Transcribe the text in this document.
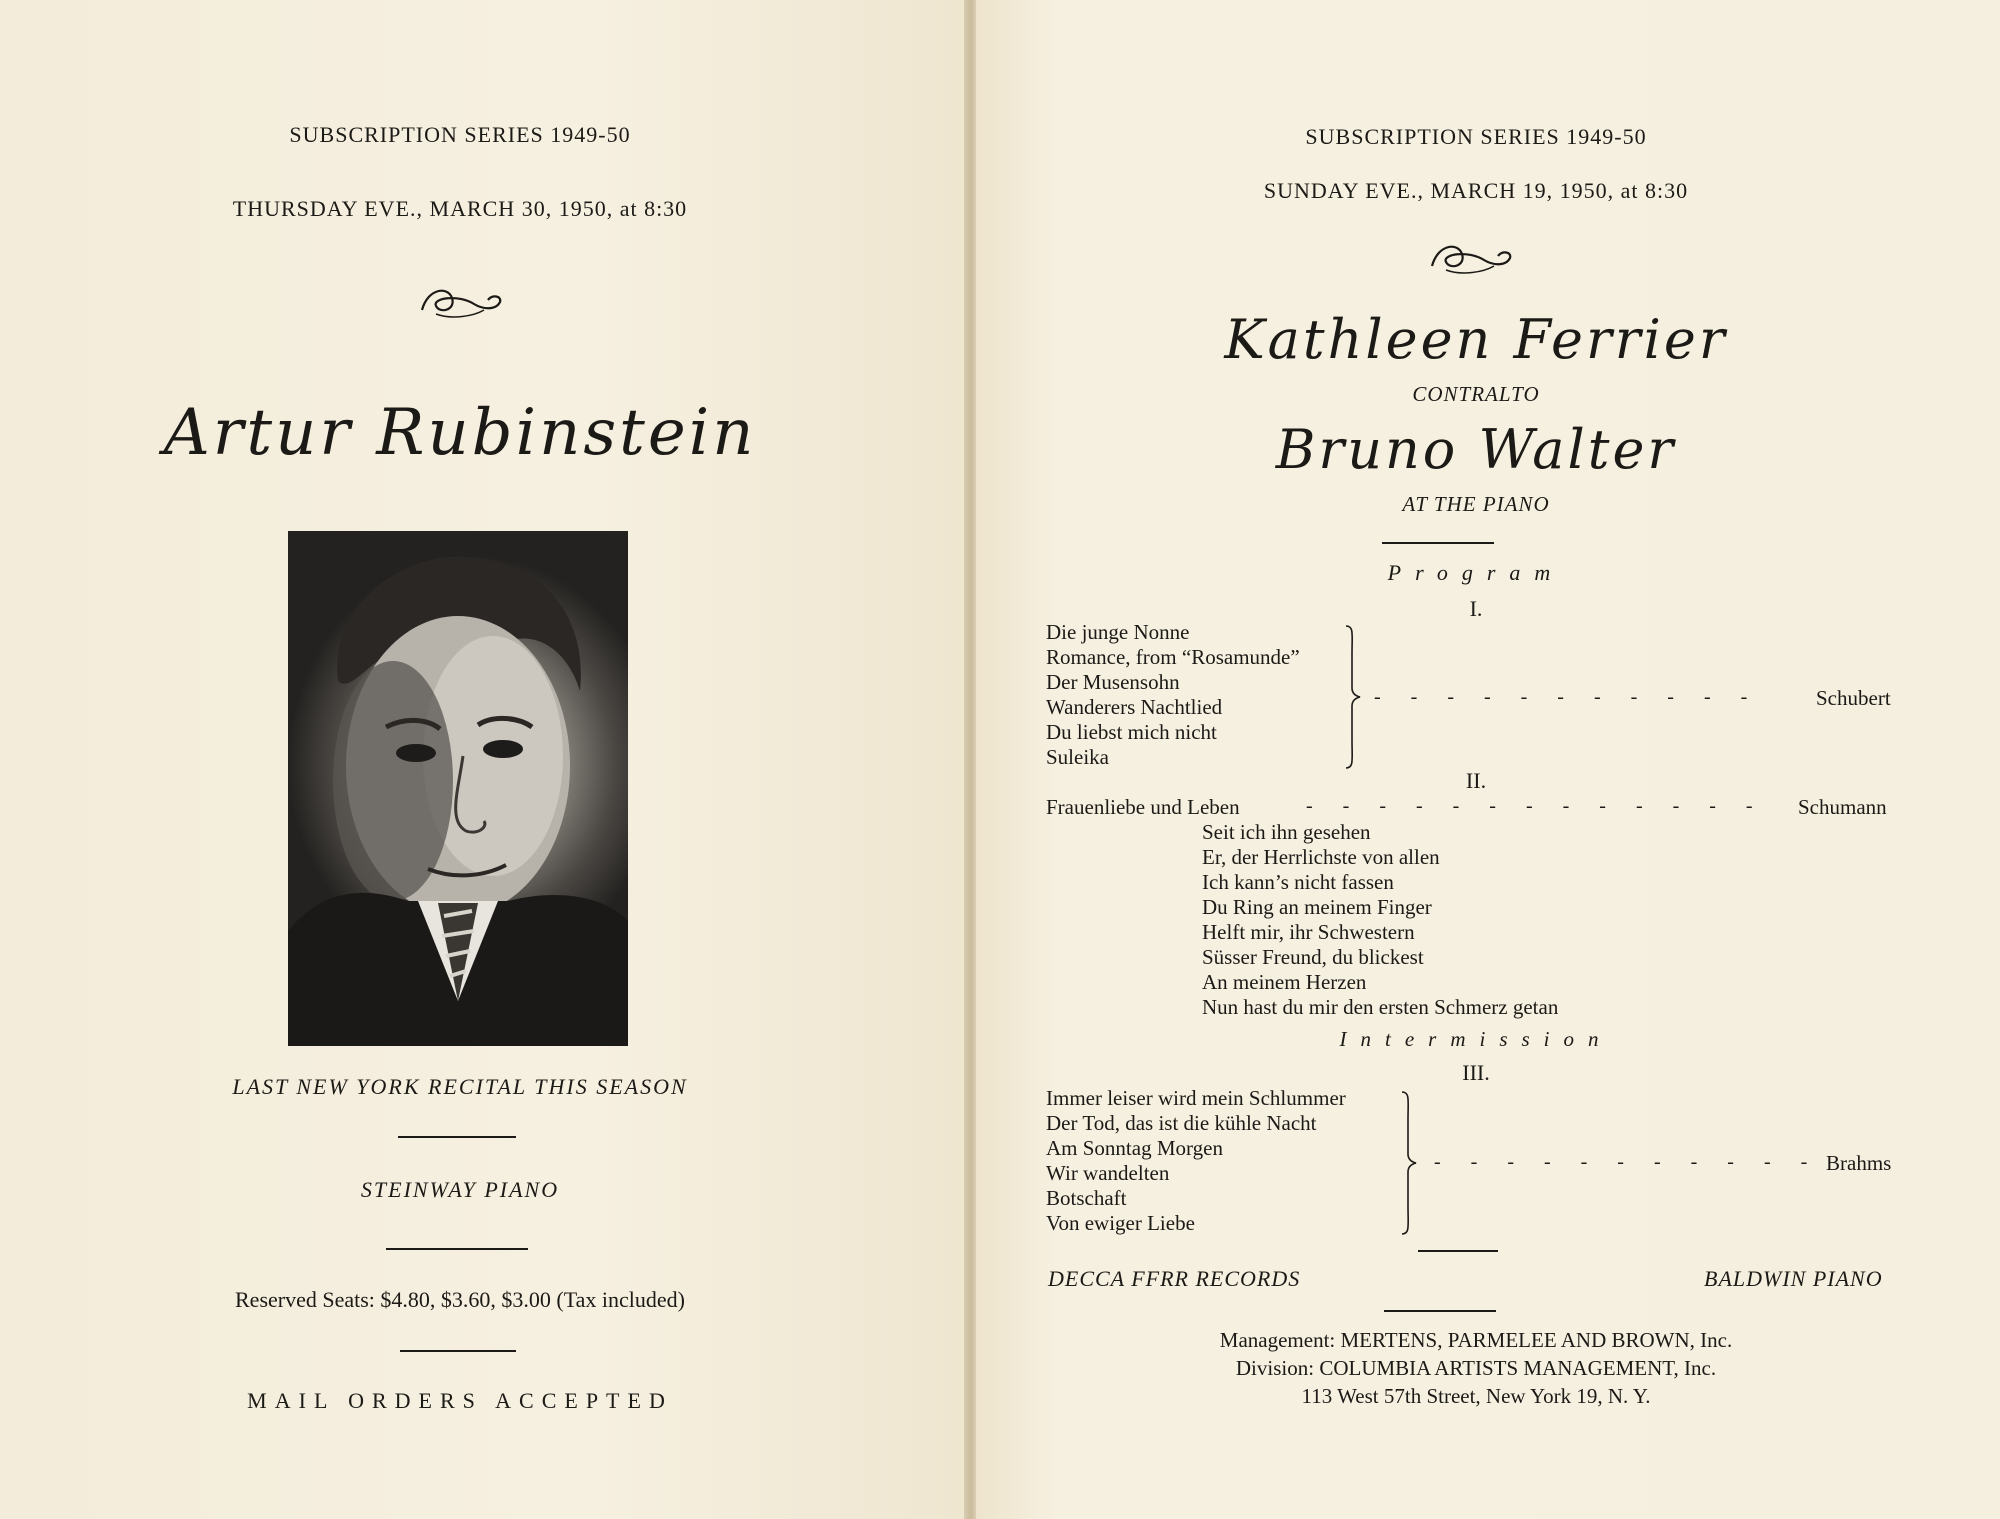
SUBSCRIPTION SERIES 1949-50
THURSDAY EVE., MARCH 30, 1950, at 8:30
Artur Rubinstein
LAST NEW YORK RECITAL THIS SEASON
STEINWAY PIANO
Reserved Seats: $4.80, $3.60, $3.00 (Tax included)
MAIL ORDERS ACCEPTED
SUBSCRIPTION SERIES 1949-50
SUNDAY EVE., MARCH 19, 1950, at 8:30
Kathleen Ferrier
CONTRALTO
Bruno Walter
AT THE PIANO
Program
I.
Die junge Nonne
Romance, from “Rosamunde”
Der Musensohn
Wanderers Nachtlied
Du liebst mich nicht
Suleika
-      -      -      -      -      -      -      -      -      -      -	Schubert
II.
Frauenliebe und Leben	-      -      -      -      -      -      -      -      -      -      -      -      - Schumann
Seit ich ihn gesehen
Er, der Herrlichste von allen
Ich kann’s nicht fassen
Du Ring an meinem Finger
Helft mir, ihr Schwestern
Süsser Freund, du blickest
An meinem Herzen
Nun hast du mir den ersten Schmerz getan
Intermission
III.
Immer leiser wird mein Schlummer
Der Tod, das ist die kühle Nacht
Am Sonntag Morgen
Wir wandelten
Botschaft
Von ewiger Liebe
-      -      -      -      -      -      -      -      -      -      - Brahms
DECCA FFRR RECORDS	BALDWIN PIANO
Management: MERTENS, PARMELEE AND BROWN, Inc.
Division: COLUMBIA ARTISTS MANAGEMENT, Inc.
113 West 57th Street, New York 19, N. Y.
